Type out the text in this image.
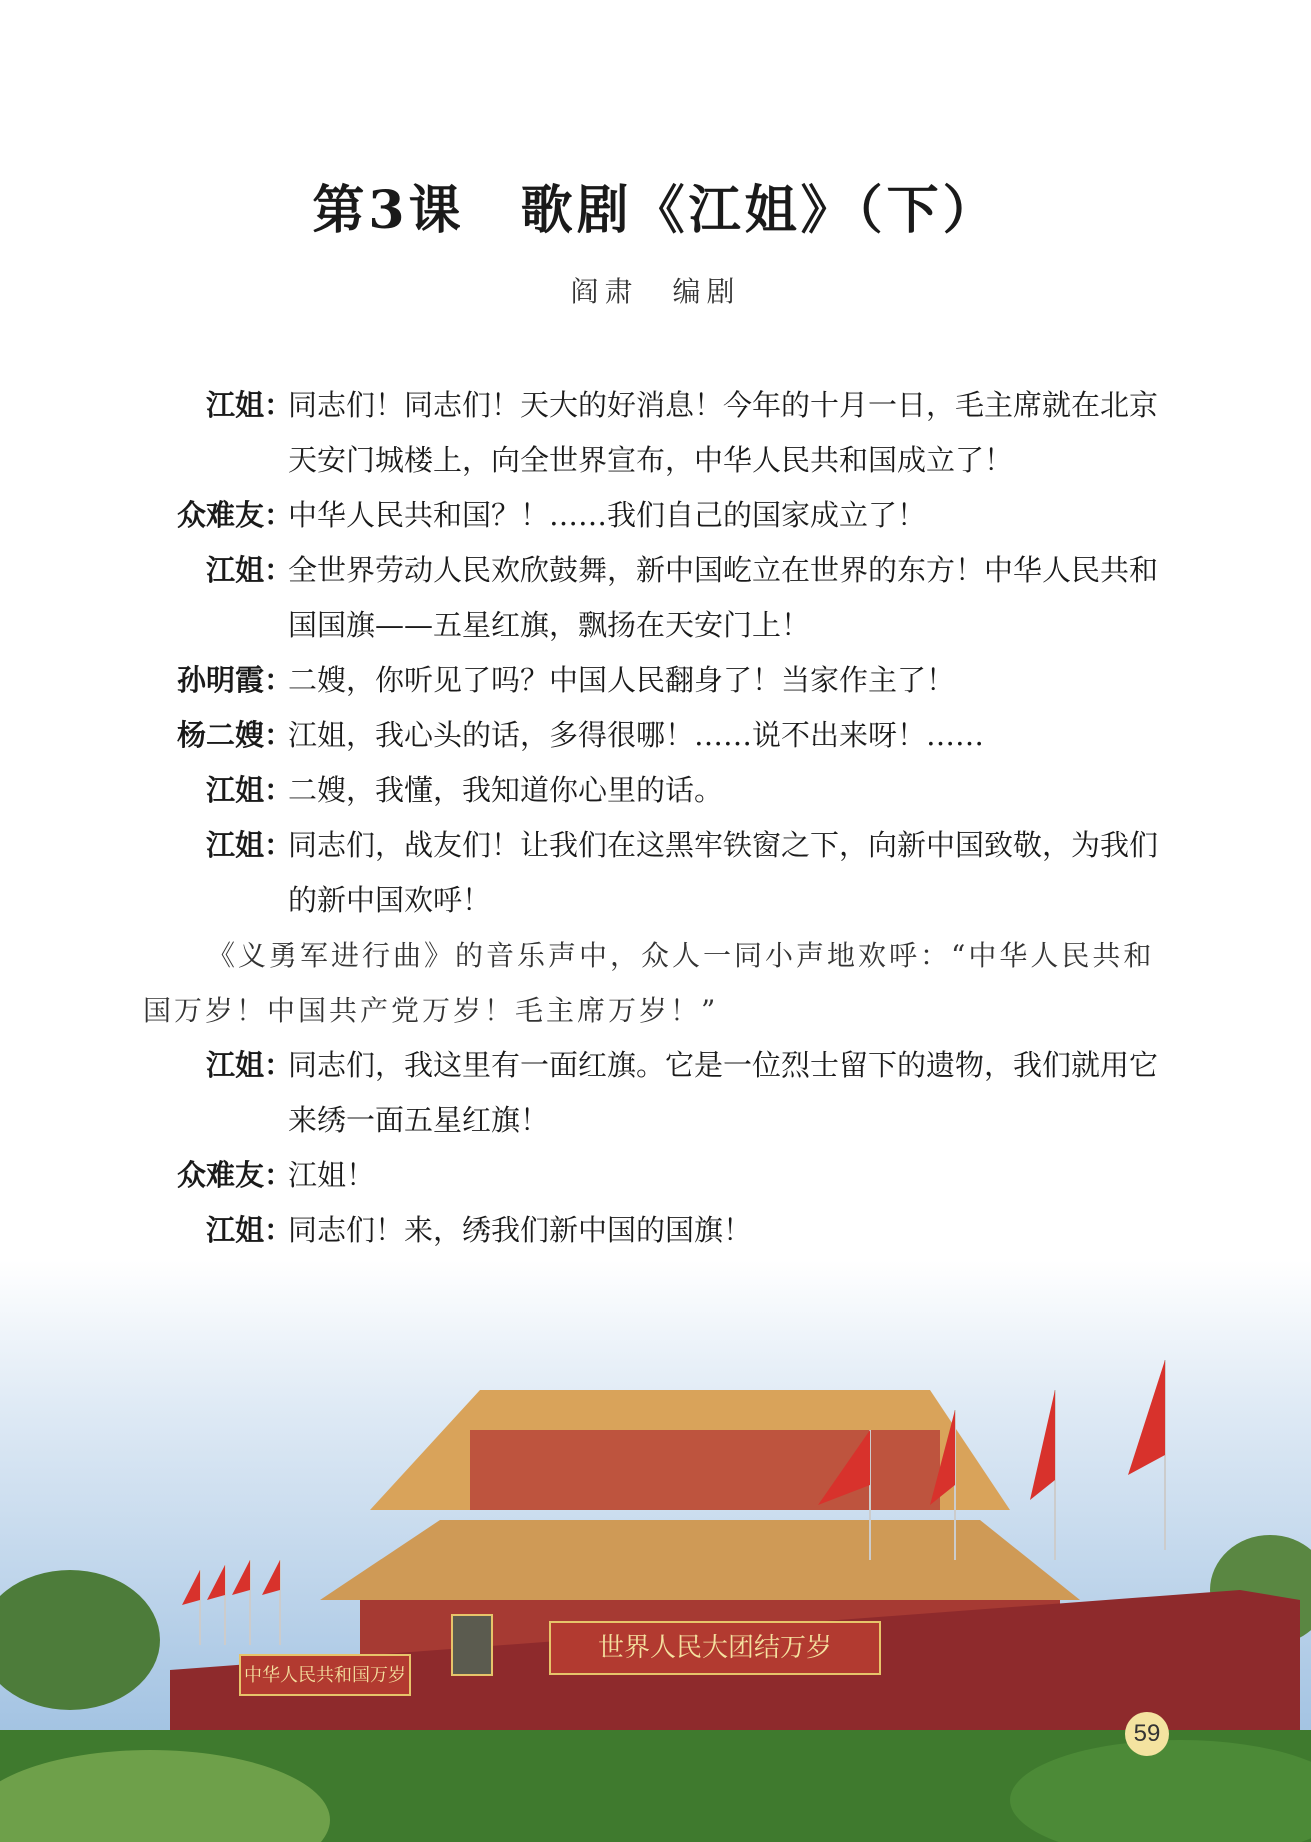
第3课　歌剧《江姐》（下）
阎肃　编剧
江姐 ：
同志们！同志们！天大的好消息！今年的十月一日，毛主席就在北京天安门城楼上，向全世界宣布，中华人民共和国成立了！
众难友 ：
中华人民共和国？！……我们自己的国家成立了！
江姐 ：
全世界劳动人民欢欣鼓舞，新中国屹立在世界的东方！中华人民共和国国旗——五星红旗，飘扬在天安门上！
孙明霞 ：
二嫂，你听见了吗？中国人民翻身了！当家作主了！
杨二嫂 ：
江姐，我心头的话，多得很哪！……说不出来呀！……
江姐 ：
二嫂，我懂，我知道你心里的话。
江姐 ：
同志们，战友们！让我们在这黑牢铁窗之下，向新中国致敬，为我们的新中国欢呼！

《义勇军进行曲》的音乐声中，众人一同小声地欢呼：“中华人民共和国万岁！中国共产党万岁！毛主席万岁！”

江姐 ：
同志们，我这里有一面红旗。它是一位烈士留下的遗物，我们就用它来绣一面五星红旗！
众难友 ：
江姐！
江姐 ：
同志们！来，绣我们新中国的国旗！

中华人民共和国万岁
世界人民大团结万岁
59
